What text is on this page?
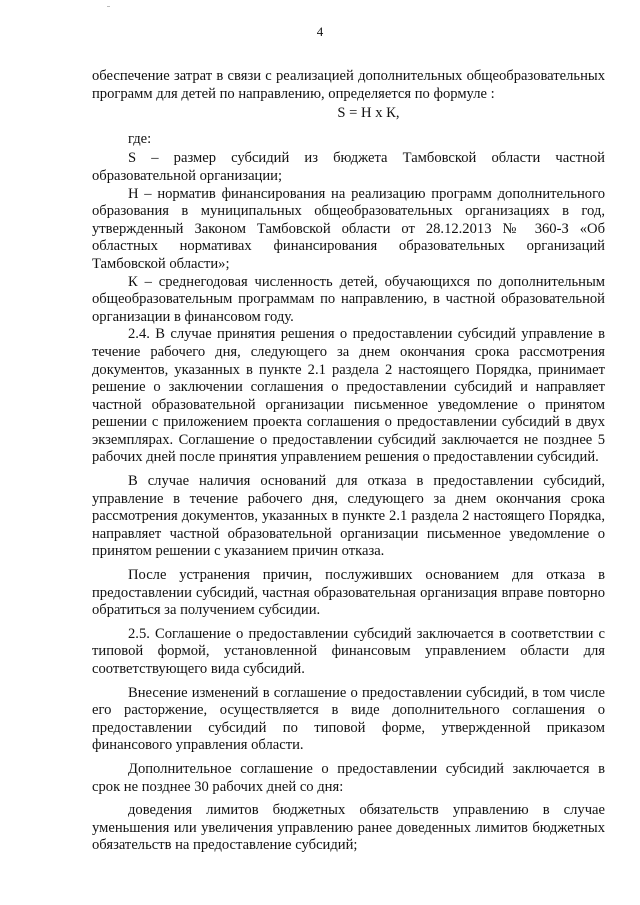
4

обеспечение затрат в связи с реализацией дополнительных общеобразовательных программ для детей по направлению, определяется по формуле :

S = Н х К,

где:

S – размер субсидий из бюджета Тамбовской области частной образовательной организации;

Н – норматив финансирования на реализацию программ дополнительного образования в муниципальных общеобразовательных организациях в год, утвержденный Законом Тамбовской области от 28.12.2013 № 360-З «Об областных нормативах финансирования образовательных организаций Тамбовской области»;

К – среднегодовая численность детей, обучающихся по дополнительным общеобразовательным программам по направлению, в частной образовательной организации в финансовом году.

2.4. В случае принятия решения о предоставлении субсидий управление в течение рабочего дня, следующего за днем окончания срока рассмотрения документов, указанных в пункте 2.1 раздела 2 настоящего Порядка, принимает решение о заключении соглашения о предоставлении субсидий и направляет частной образовательной организации письменное уведомление о принятом решении с приложением проекта соглашения о предоставлении субсидий в двух экземплярах. Соглашение о предоставлении субсидий заключается не позднее 5 рабочих дней после принятия управлением решения о предоставлении субсидий.

В случае наличия оснований для отказа в предоставлении субсидий, управление в течение рабочего дня, следующего за днем окончания срока рассмотрения документов, указанных в пункте 2.1 раздела 2 настоящего Порядка, направляет частной образовательной организации письменное уведомление о принятом решении с указанием причин отказа.

После устранения причин, послуживших основанием для отказа в предоставлении субсидий, частная образовательная организация вправе повторно обратиться за получением субсидии.

2.5. Соглашение о предоставлении субсидий заключается в соответствии с типовой формой, установленной финансовым управлением области для соответствующего вида субсидий.

Внесение изменений в соглашение о предоставлении субсидий, в том числе его расторжение, осуществляется в виде дополнительного соглашения о предоставлении субсидий по типовой форме, утвержденной приказом финансового управления области.

Дополнительное соглашение о предоставлении субсидий заключается в срок не позднее 30 рабочих дней со дня:

доведения лимитов бюджетных обязательств управлению в случае уменьшения или увеличения управлению ранее доведенных лимитов бюджетных обязательств на предоставление субсидий;
